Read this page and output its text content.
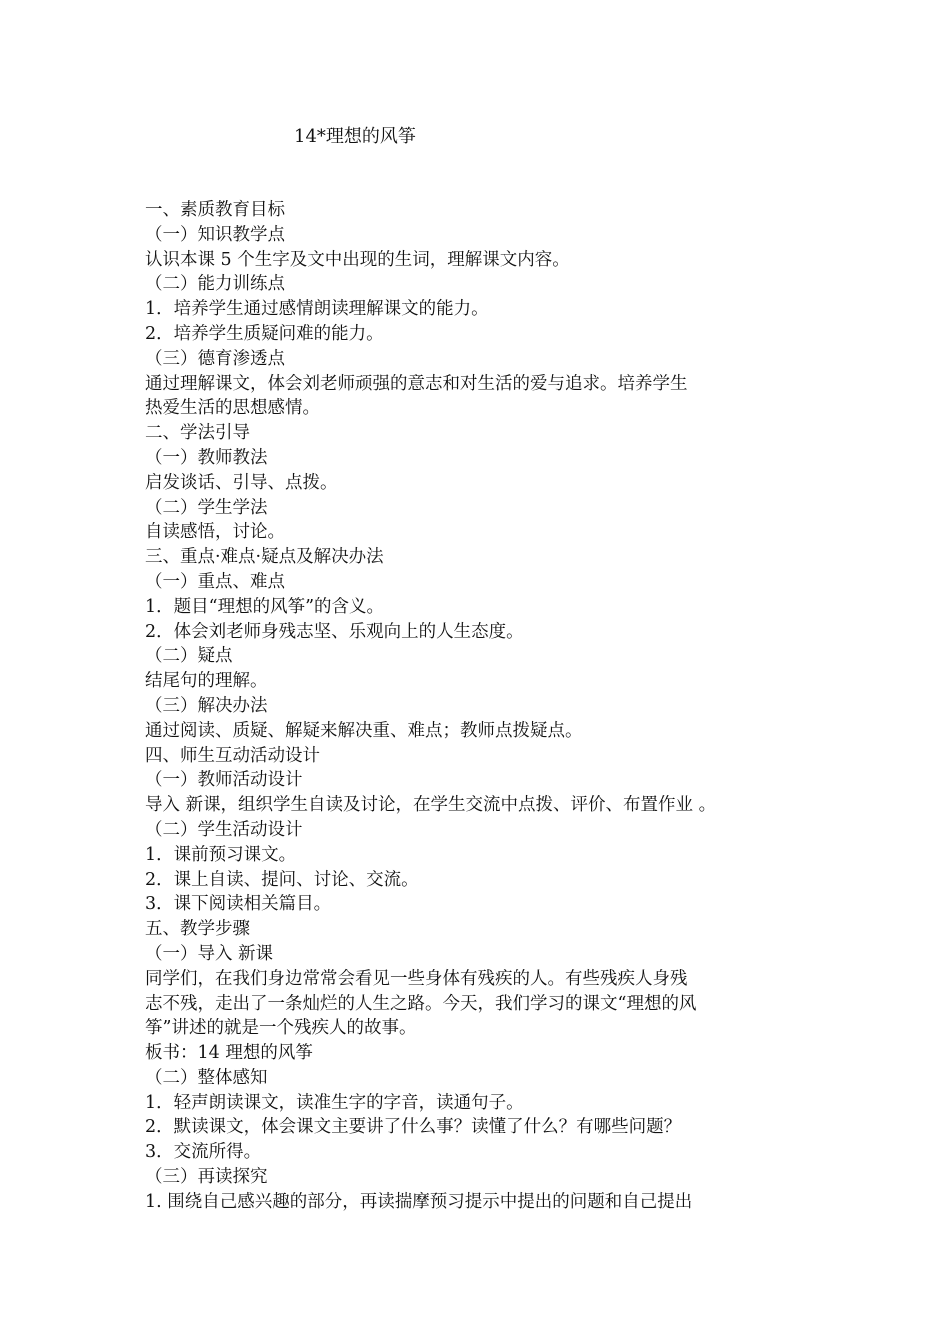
14*理想的风筝
一、素质教育目标
（一）知识教学点
认识本课 5 个生字及文中出现的生词，理解课文内容。
（二）能力训练点
1．培养学生通过感情朗读理解课文的能力。
2．培养学生质疑问难的能力。
（三）德育渗透点
通过理解课文，体会刘老师顽强的意志和对生活的爱与追求。培养学生
热爱生活的思想感情。
二、学法引导
（一）教师教法
启发谈话、引导、点拨。
（二）学生学法
自读感悟，讨论。
三、重点·难点·疑点及解决办法
（一）重点、难点
1．题目“理想的风筝”的含义。
2．体会刘老师身残志坚、乐观向上的人生态度。
（二）疑点
结尾句的理解。
（三）解决办法
通过阅读、质疑、解疑来解决重、难点；教师点拨疑点。
四、师生互动活动设计
（一）教师活动设计
导入 新课，组织学生自读及讨论，在学生交流中点拨、评价、布置作业 。
（二）学生活动设计
1．课前预习课文。
2．课上自读、提问、讨论、交流。
3．课下阅读相关篇目。
五、教学步骤
（一）导入 新课
同学们，在我们身边常常会看见一些身体有残疾的人。有些残疾人身残
志不残，走出了一条灿烂的人生之路。今天，我们学习的课文“理想的风
筝”讲述的就是一个残疾人的故事。
板书：14 理想的风筝
（二）整体感知
1．轻声朗读课文，读准生字的字音，读通句子。
2．默读课文，体会课文主要讲了什么事？读懂了什么？有哪些问题？
3．交流所得。
（三）再读探究
1. 围绕自己感兴趣的部分，再读揣摩预习提示中提出的问题和自己提出
